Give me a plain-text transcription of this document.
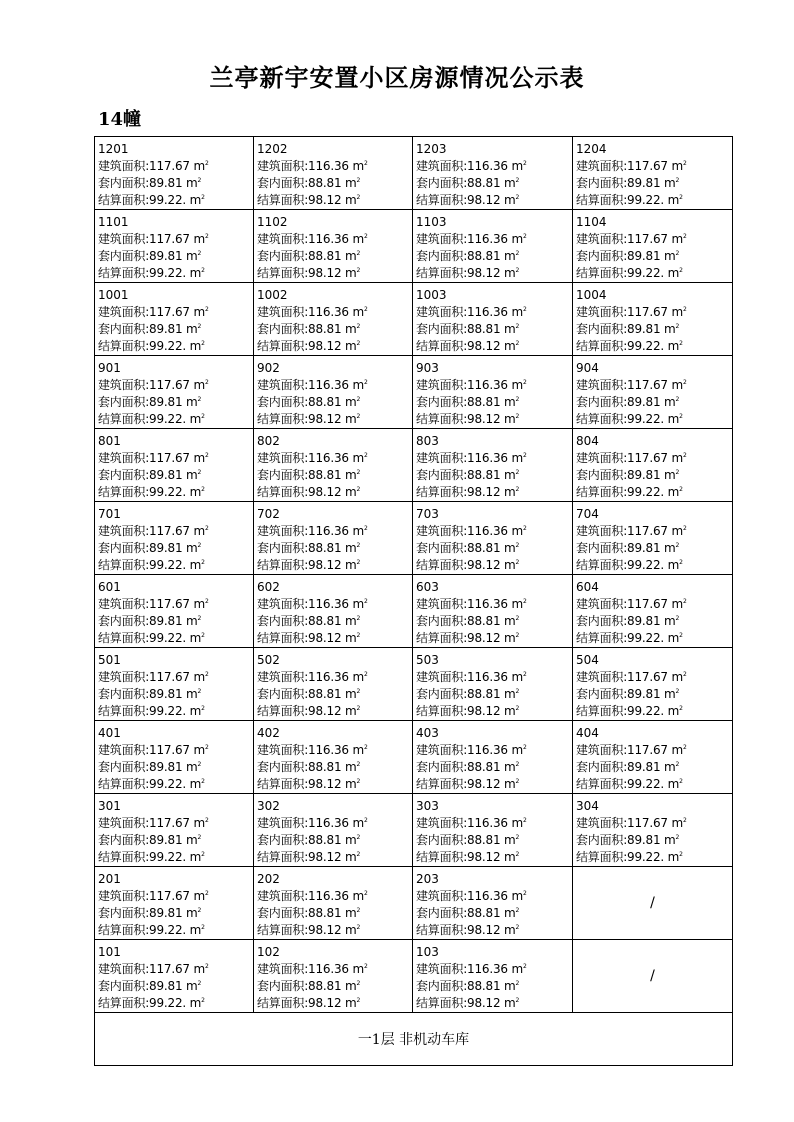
兰亭新宇安置小区房源情况公示表
14幢
1201
建筑面积:117.67 $m^2$
套内面积:89.81 $m^2$
结算面积:99.22. $m^2$	1202
建筑面积:116.36 $m^2$
套内面积:88.81 $m^2$
结算面积:98.12 $m^2$	1203
建筑面积:116.36 $m^2$
套内面积:88.81 $m^2$
结算面积:98.12 $m^2$	1204
建筑面积:117.67 $m^2$
套内面积:89.81 $m^2$
结算面积:99.22. $m^2$

1101
建筑面积:117.67 $m^2$
套内面积:89.81 $m^2$
结算面积:99.22. $m^2$	1102
建筑面积:116.36 $m^2$
套内面积:88.81 $m^2$
结算面积:98.12 $m^2$	1103
建筑面积:116.36 $m^2$
套内面积:88.81 $m^2$
结算面积:98.12 $m^2$	1104
建筑面积:117.67 $m^2$
套内面积:89.81 $m^2$
结算面积:99.22. $m^2$

1001
建筑面积:117.67 $m^2$
套内面积:89.81 $m^2$
结算面积:99.22. $m^2$	1002
建筑面积:116.36 $m^2$
套内面积:88.81 $m^2$
结算面积:98.12 $m^2$	1003
建筑面积:116.36 $m^2$
套内面积:88.81 $m^2$
结算面积:98.12 $m^2$	1004
建筑面积:117.67 $m^2$
套内面积:89.81 $m^2$
结算面积:99.22. $m^2$

901
建筑面积:117.67 $m^2$
套内面积:89.81 $m^2$
结算面积:99.22. $m^2$	902
建筑面积:116.36 $m^2$
套内面积:88.81 $m^2$
结算面积:98.12 $m^2$	903
建筑面积:116.36 $m^2$
套内面积:88.81 $m^2$
结算面积:98.12 $m^2$	904
建筑面积:117.67 $m^2$
套内面积:89.81 $m^2$
结算面积:99.22. $m^2$

801
建筑面积:117.67 $m^2$
套内面积:89.81 $m^2$
结算面积:99.22. $m^2$	802
建筑面积:116.36 $m^2$
套内面积:88.81 $m^2$
结算面积:98.12 $m^2$	803
建筑面积:116.36 $m^2$
套内面积:88.81 $m^2$
结算面积:98.12 $m^2$	804
建筑面积:117.67 $m^2$
套内面积:89.81 $m^2$
结算面积:99.22. $m^2$

701
建筑面积:117.67 $m^2$
套内面积:89.81 $m^2$
结算面积:99.22. $m^2$	702
建筑面积:116.36 $m^2$
套内面积:88.81 $m^2$
结算面积:98.12 $m^2$	703
建筑面积:116.36 $m^2$
套内面积:88.81 $m^2$
结算面积:98.12 $m^2$	704
建筑面积:117.67 $m^2$
套内面积:89.81 $m^2$
结算面积:99.22. $m^2$

601
建筑面积:117.67 $m^2$
套内面积:89.81 $m^2$
结算面积:99.22. $m^2$	602
建筑面积:116.36 $m^2$
套内面积:88.81 $m^2$
结算面积:98.12 $m^2$	603
建筑面积:116.36 $m^2$
套内面积:88.81 $m^2$
结算面积:98.12 $m^2$	604
建筑面积:117.67 $m^2$
套内面积:89.81 $m^2$
结算面积:99.22. $m^2$

501
建筑面积:117.67 $m^2$
套内面积:89.81 $m^2$
结算面积:99.22. $m^2$	502
建筑面积:116.36 $m^2$
套内面积:88.81 $m^2$
结算面积:98.12 $m^2$	503
建筑面积:116.36 $m^2$
套内面积:88.81 $m^2$
结算面积:98.12 $m^2$	504
建筑面积:117.67 $m^2$
套内面积:89.81 $m^2$
结算面积:99.22. $m^2$

401
建筑面积:117.67 $m^2$
套内面积:89.81 $m^2$
结算面积:99.22. $m^2$	402
建筑面积:116.36 $m^2$
套内面积:88.81 $m^2$
结算面积:98.12 $m^2$	403
建筑面积:116.36 $m^2$
套内面积:88.81 $m^2$
结算面积:98.12 $m^2$	404
建筑面积:117.67 $m^2$
套内面积:89.81 $m^2$
结算面积:99.22. $m^2$

301
建筑面积:117.67 $m^2$
套内面积:89.81 $m^2$
结算面积:99.22. $m^2$	302
建筑面积:116.36 $m^2$
套内面积:88.81 $m^2$
结算面积:98.12 $m^2$	303
建筑面积:116.36 $m^2$
套内面积:88.81 $m^2$
结算面积:98.12 $m^2$	304
建筑面积:117.67 $m^2$
套内面积:89.81 $m^2$
结算面积:99.22. $m^2$

201
建筑面积:117.67 $m^2$
套内面积:89.81 $m^2$
结算面积:99.22. $m^2$	202
建筑面积:116.36 $m^2$
套内面积:88.81 $m^2$
结算面积:98.12 $m^2$	203
建筑面积:116.36 $m^2$
套内面积:88.81 $m^2$
结算面积:98.12 $m^2$	/

101
建筑面积:117.67 $m^2$
套内面积:89.81 $m^2$
结算面积:99.22. $m^2$	102
建筑面积:116.36 $m^2$
套内面积:88.81 $m^2$
结算面积:98.12 $m^2$	103
建筑面积:116.36 $m^2$
套内面积:88.81 $m^2$
结算面积:98.12 $m^2$	/
一1层 非机动车库			
